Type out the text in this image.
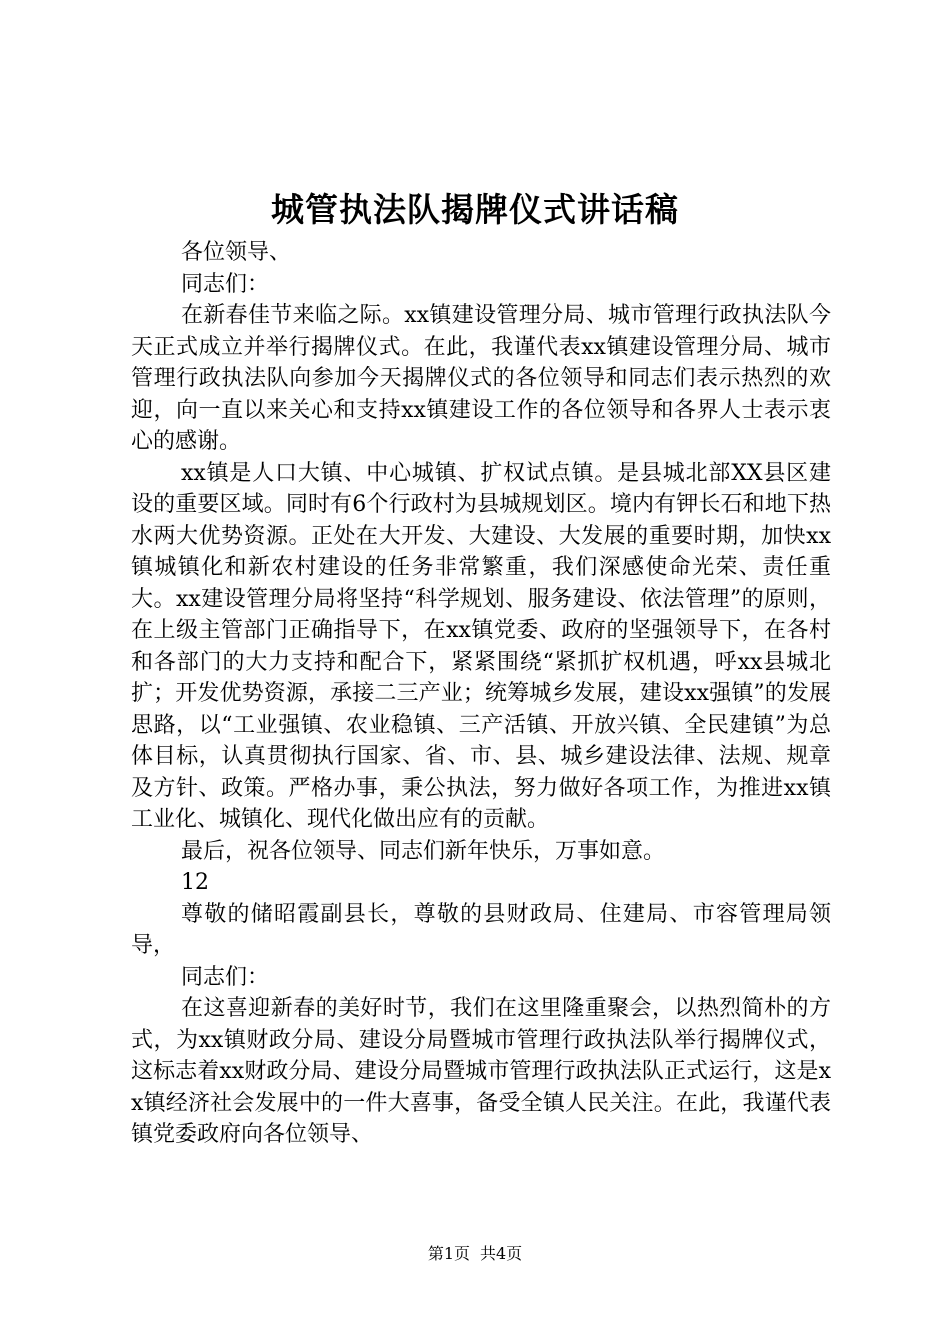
城管执法队揭牌仪式讲话稿

各位领导、

同志们：

在新春佳节来临之际。xx镇建设管理分局、城市管理行政执法队今天正式成立并举行揭牌仪式。在此，我谨代表xx镇建设管理分局、城市管理行政执法队向参加今天揭牌仪式的各位领导和同志们表示热烈的欢迎，向一直以来关心和支持xx镇建设工作的各位领导和各界人士表示衷心的感谢。

xx镇是人口大镇、中心城镇、扩权试点镇。是县城北部XX县区建设的重要区域。同时有6个行政村为县城规划区。境内有钾长石和地下热水两大优势资源。正处在大开发、大建设、大发展的重要时期，加快xx镇城镇化和新农村建设的任务非常繁重，我们深感使命光荣、责任重大。xx建设管理分局将坚持“科学规划、服务建设、依法管理”的原则，在上级主管部门正确指导下，在xx镇党委、政府的坚强领导下，在各村和各部门的大力支持和配合下，紧紧围绕“紧抓扩权机遇，呼xx县城北扩；开发优势资源，承接二三产业；统筹城乡发展，建设xx强镇”的发展思路，以“工业强镇、农业稳镇、三产活镇、开放兴镇、全民建镇”为总体目标，认真贯彻执行国家、省、市、县、城乡建设法律、法规、规章及方针、政策。严格办事，秉公执法，努力做好各项工作，为推进xx镇工业化、城镇化、现代化做出应有的贡献。

最后，祝各位领导、同志们新年快乐，万事如意。

12

尊敬的储昭霞副县长，尊敬的县财政局、住建局、市容管理局领导，

同志们：

在这喜迎新春的美好时节，我们在这里隆重聚会，以热烈简朴的方式，为xx镇财政分局、建设分局暨城市管理行政执法队举行揭牌仪式，这标志着xx财政分局、建设分局暨城市管理行政执法队正式运行，这是xx镇经济社会发展中的一件大喜事，备受全镇人民关注。在此，我谨代表镇党委政府向各位领导、

第1页 共4页
